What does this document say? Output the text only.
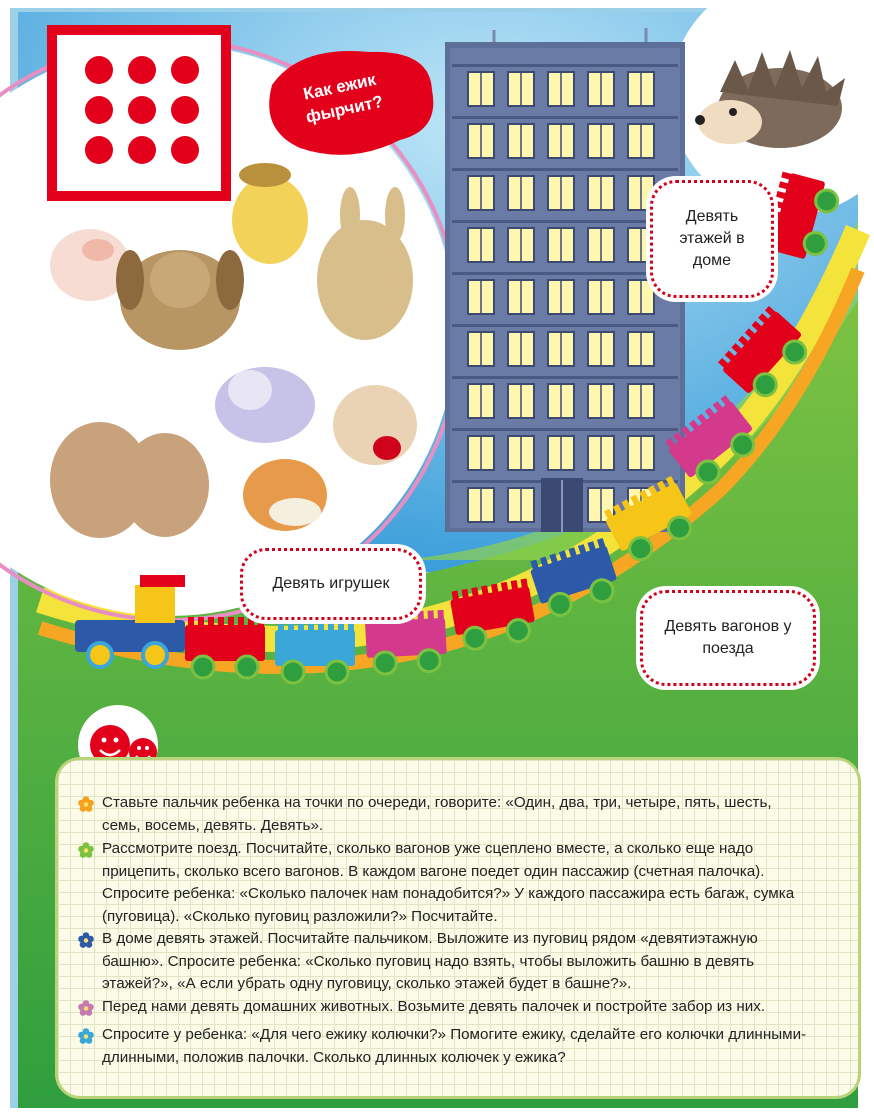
Как ежик фырчит?
Девять этажей в доме
Девять игрушек
Девять вагонов у поезда
Ставьте пальчик ребенка на точки по очереди, говорите: «Один, два, три, четыре, пять, шесть, семь, восемь, девять. Девять».
Рассмотрите поезд. Посчитайте, сколько вагонов уже сцеплено вместе, а сколько еще надо прицепить, сколько всего вагонов. В каждом вагоне поедет один пассажир (счетная палочка). Спросите ребенка: «Сколько палочек нам понадобится?» У каждого пассажира есть багаж, сумка (пуговица). «Сколько пуговиц разложили?» Посчитайте.
В доме девять этажей. Посчитайте пальчиком. Выложите из пуговиц рядом «девятиэтажную башню». Спросите ребенка: «Сколько пуговиц надо взять, чтобы выложить башню в девять этажей?», «А если убрать одну пуговицу, сколько этажей будет в башне?».
Перед нами девять домашних животных. Возьмите девять палочек и постройте забор из них.
Спросите у ребенка: «Для чего ежику колючки?» Помогите ежику, сделайте его колючки длинными-длинными, положив палочки. Сколько длинных колючек у ежика?
